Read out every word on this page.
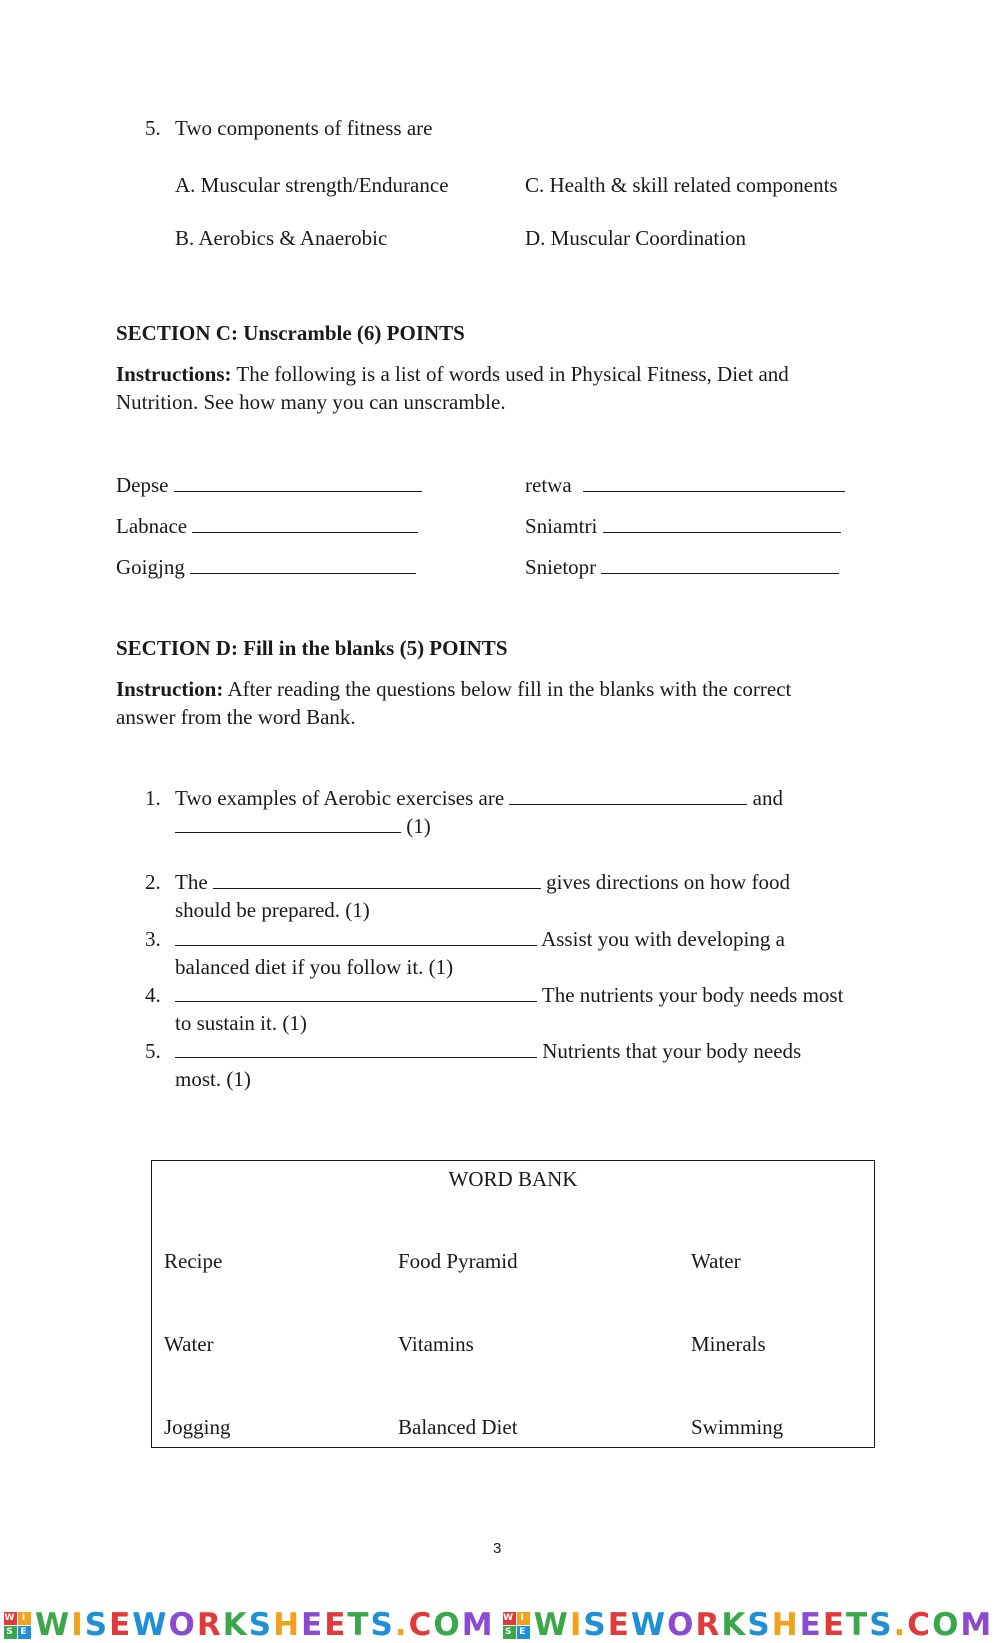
5. Two components of fitness are
A. Muscular strength/Endurance	C. Health & skill related components
B. Aerobics & Anaerobic	D. Muscular Coordination
SECTION C: Unscramble (6) POINTS
Instructions: The following is a list of words used in Physical Fitness, Diet and Nutrition. See how many you can unscramble.
Depse	retwa
Labnace	Sniamtri
Goigjng	Snietopr
SECTION D: Fill in the blanks (5) POINTS
Instruction: After reading the questions below fill in the blanks with the correct answer from the word Bank.
1. Two examples of Aerobic exercises are	and
(1)
2. The	gives directions on how food
should be prepared. (1)
3.	Assist you with developing a
balanced diet if you follow it. (1)
4.	The nutrients your body needs most
to sustain it. (1)
5.	Nutrients that your body needs
most. (1)
WORD BANK
Recipe	Food Pyramid	Water
Water	Vitamins	Minerals
Jogging	Balanced Diet	Swimming
3
W I
S E WISEWORKSHEETS.COM W I
S E WISEWORKSHEETS.COM
